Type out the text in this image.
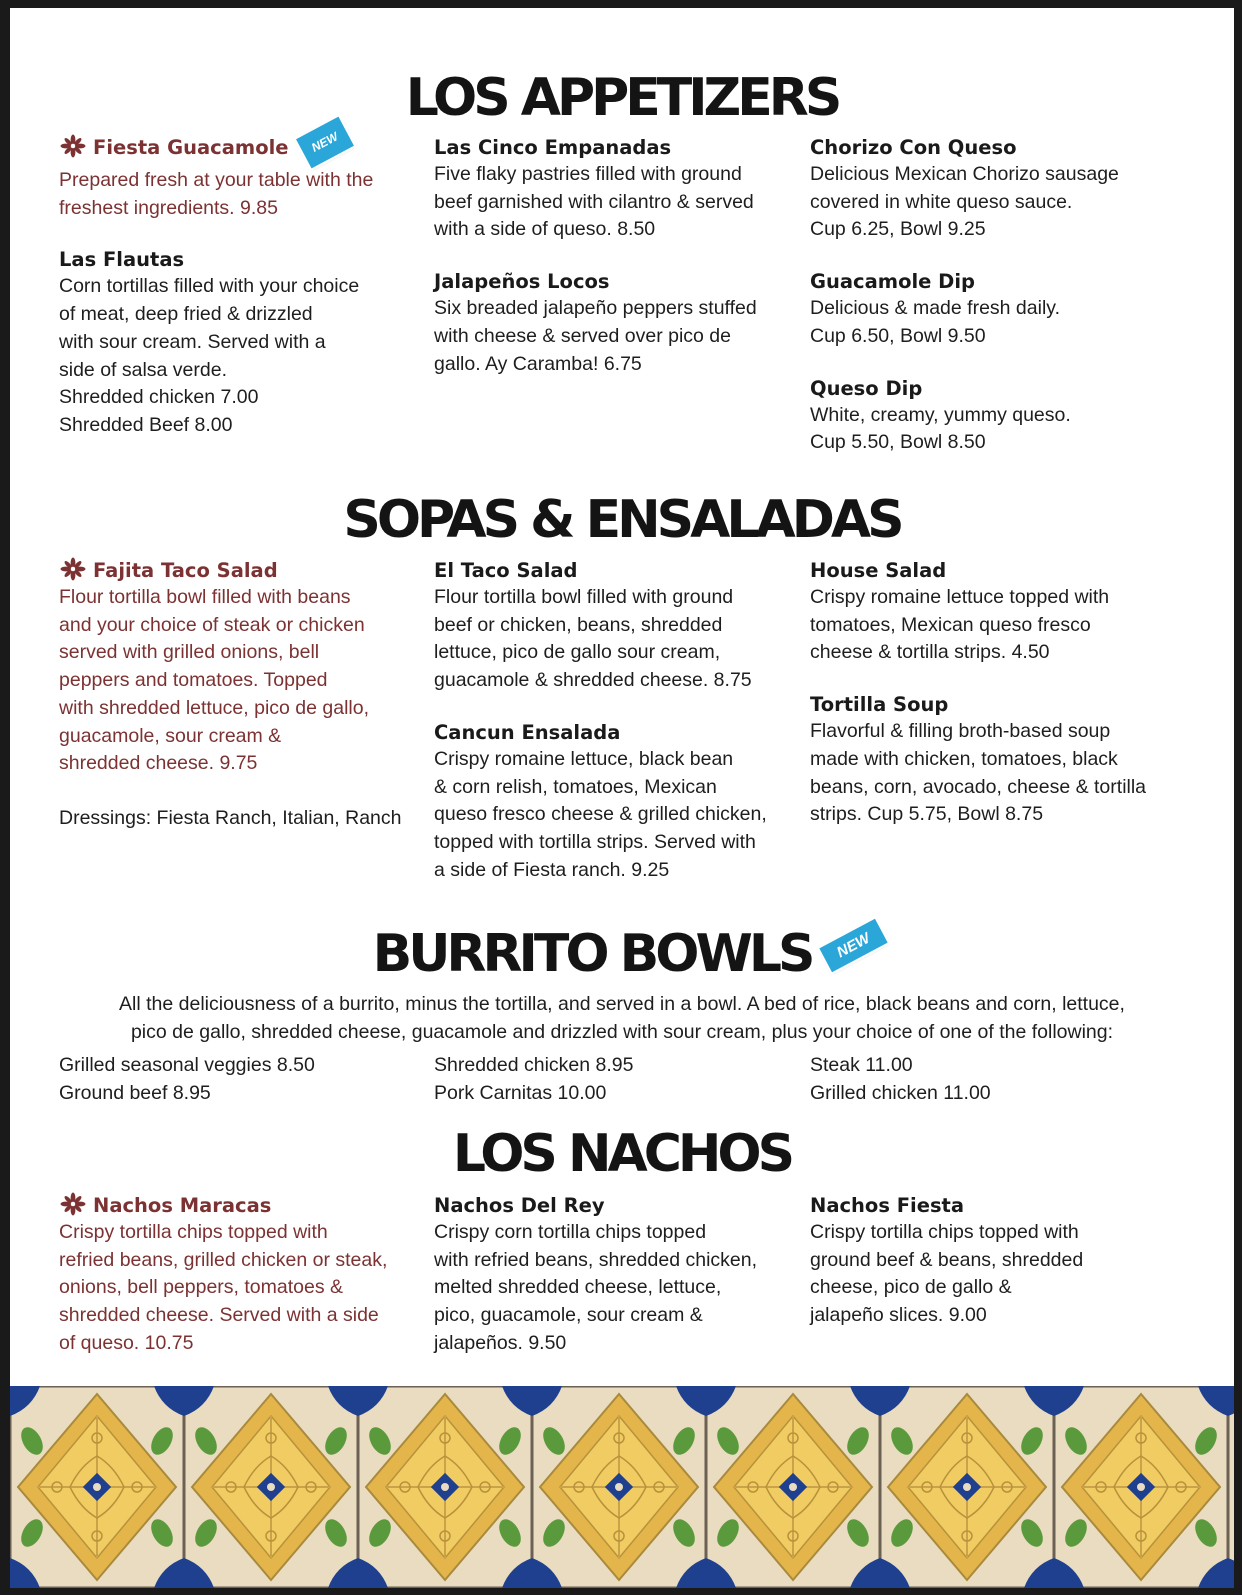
LOS APPETIZERS
Fiesta Guacamole NEW
Prepared fresh at your table with the
freshest ingredients. 9.85
Las Flautas
Corn tortillas filled with your choice
of meat, deep fried & drizzled
with sour cream. Served with a
side of salsa verde.
Shredded chicken 7.00
Shredded Beef 8.00
Las Cinco Empanadas
Five flaky pastries filled with ground
beef garnished with cilantro & served
with a side of queso. 8.50
Jalapeños Locos
Six breaded jalapeño peppers stuffed
with cheese & served over pico de
gallo. Ay Caramba! 6.75
Chorizo Con Queso
Delicious Mexican Chorizo sausage
covered in white queso sauce.
Cup 6.25, Bowl 9.25
Guacamole Dip
Delicious & made fresh daily.
Cup 6.50, Bowl 9.50
Queso Dip
White, creamy, yummy queso.
Cup 5.50, Bowl 8.50
SOPAS & ENSALADAS
Fajita Taco Salad
Flour tortilla bowl filled with beans
and your choice of steak or chicken
served with grilled onions, bell
peppers and tomatoes. Topped
with shredded lettuce, pico de gallo,
guacamole, sour cream &
shredded cheese. 9.75
Dressings: Fiesta Ranch, Italian, Ranch
El Taco Salad
Flour tortilla bowl filled with ground
beef or chicken, beans, shredded
lettuce, pico de gallo sour cream,
guacamole & shredded cheese. 8.75
Cancun Ensalada
Crispy romaine lettuce, black bean
& corn relish, tomatoes, Mexican
queso fresco cheese & grilled chicken,
topped with tortilla strips. Served with
a side of Fiesta ranch. 9.25
House Salad
Crispy romaine lettuce topped with
tomatoes, Mexican queso fresco
cheese & tortilla strips. 4.50
Tortilla Soup
Flavorful & filling broth-based soup
made with chicken, tomatoes, black
beans, corn, avocado, cheese & tortilla
strips. Cup 5.75, Bowl 8.75
BURRITO BOWLS	NEW
All the deliciousness of a burrito, minus the tortilla, and served in a bowl. A bed of rice, black beans and corn, lettuce,
pico de gallo, shredded cheese, guacamole and drizzled with sour cream, plus your choice of one of the following:
Grilled seasonal veggies 8.50
Ground beef 8.95
Shredded chicken 8.95
Pork Carnitas 10.00
Steak 11.00
Grilled chicken 11.00
LOS NACHOS
Nachos Maracas
Crispy tortilla chips topped with
refried beans, grilled chicken or steak,
onions, bell peppers, tomatoes &
shredded cheese. Served with a side
of queso. 10.75
Nachos Del Rey
Crispy corn tortilla chips topped
with refried beans, shredded chicken,
melted shredded cheese, lettuce,
pico, guacamole, sour cream &
jalapeños. 9.50
Nachos Fiesta
Crispy tortilla chips topped with
ground beef & beans, shredded
cheese, pico de gallo &
jalapeño slices. 9.00
